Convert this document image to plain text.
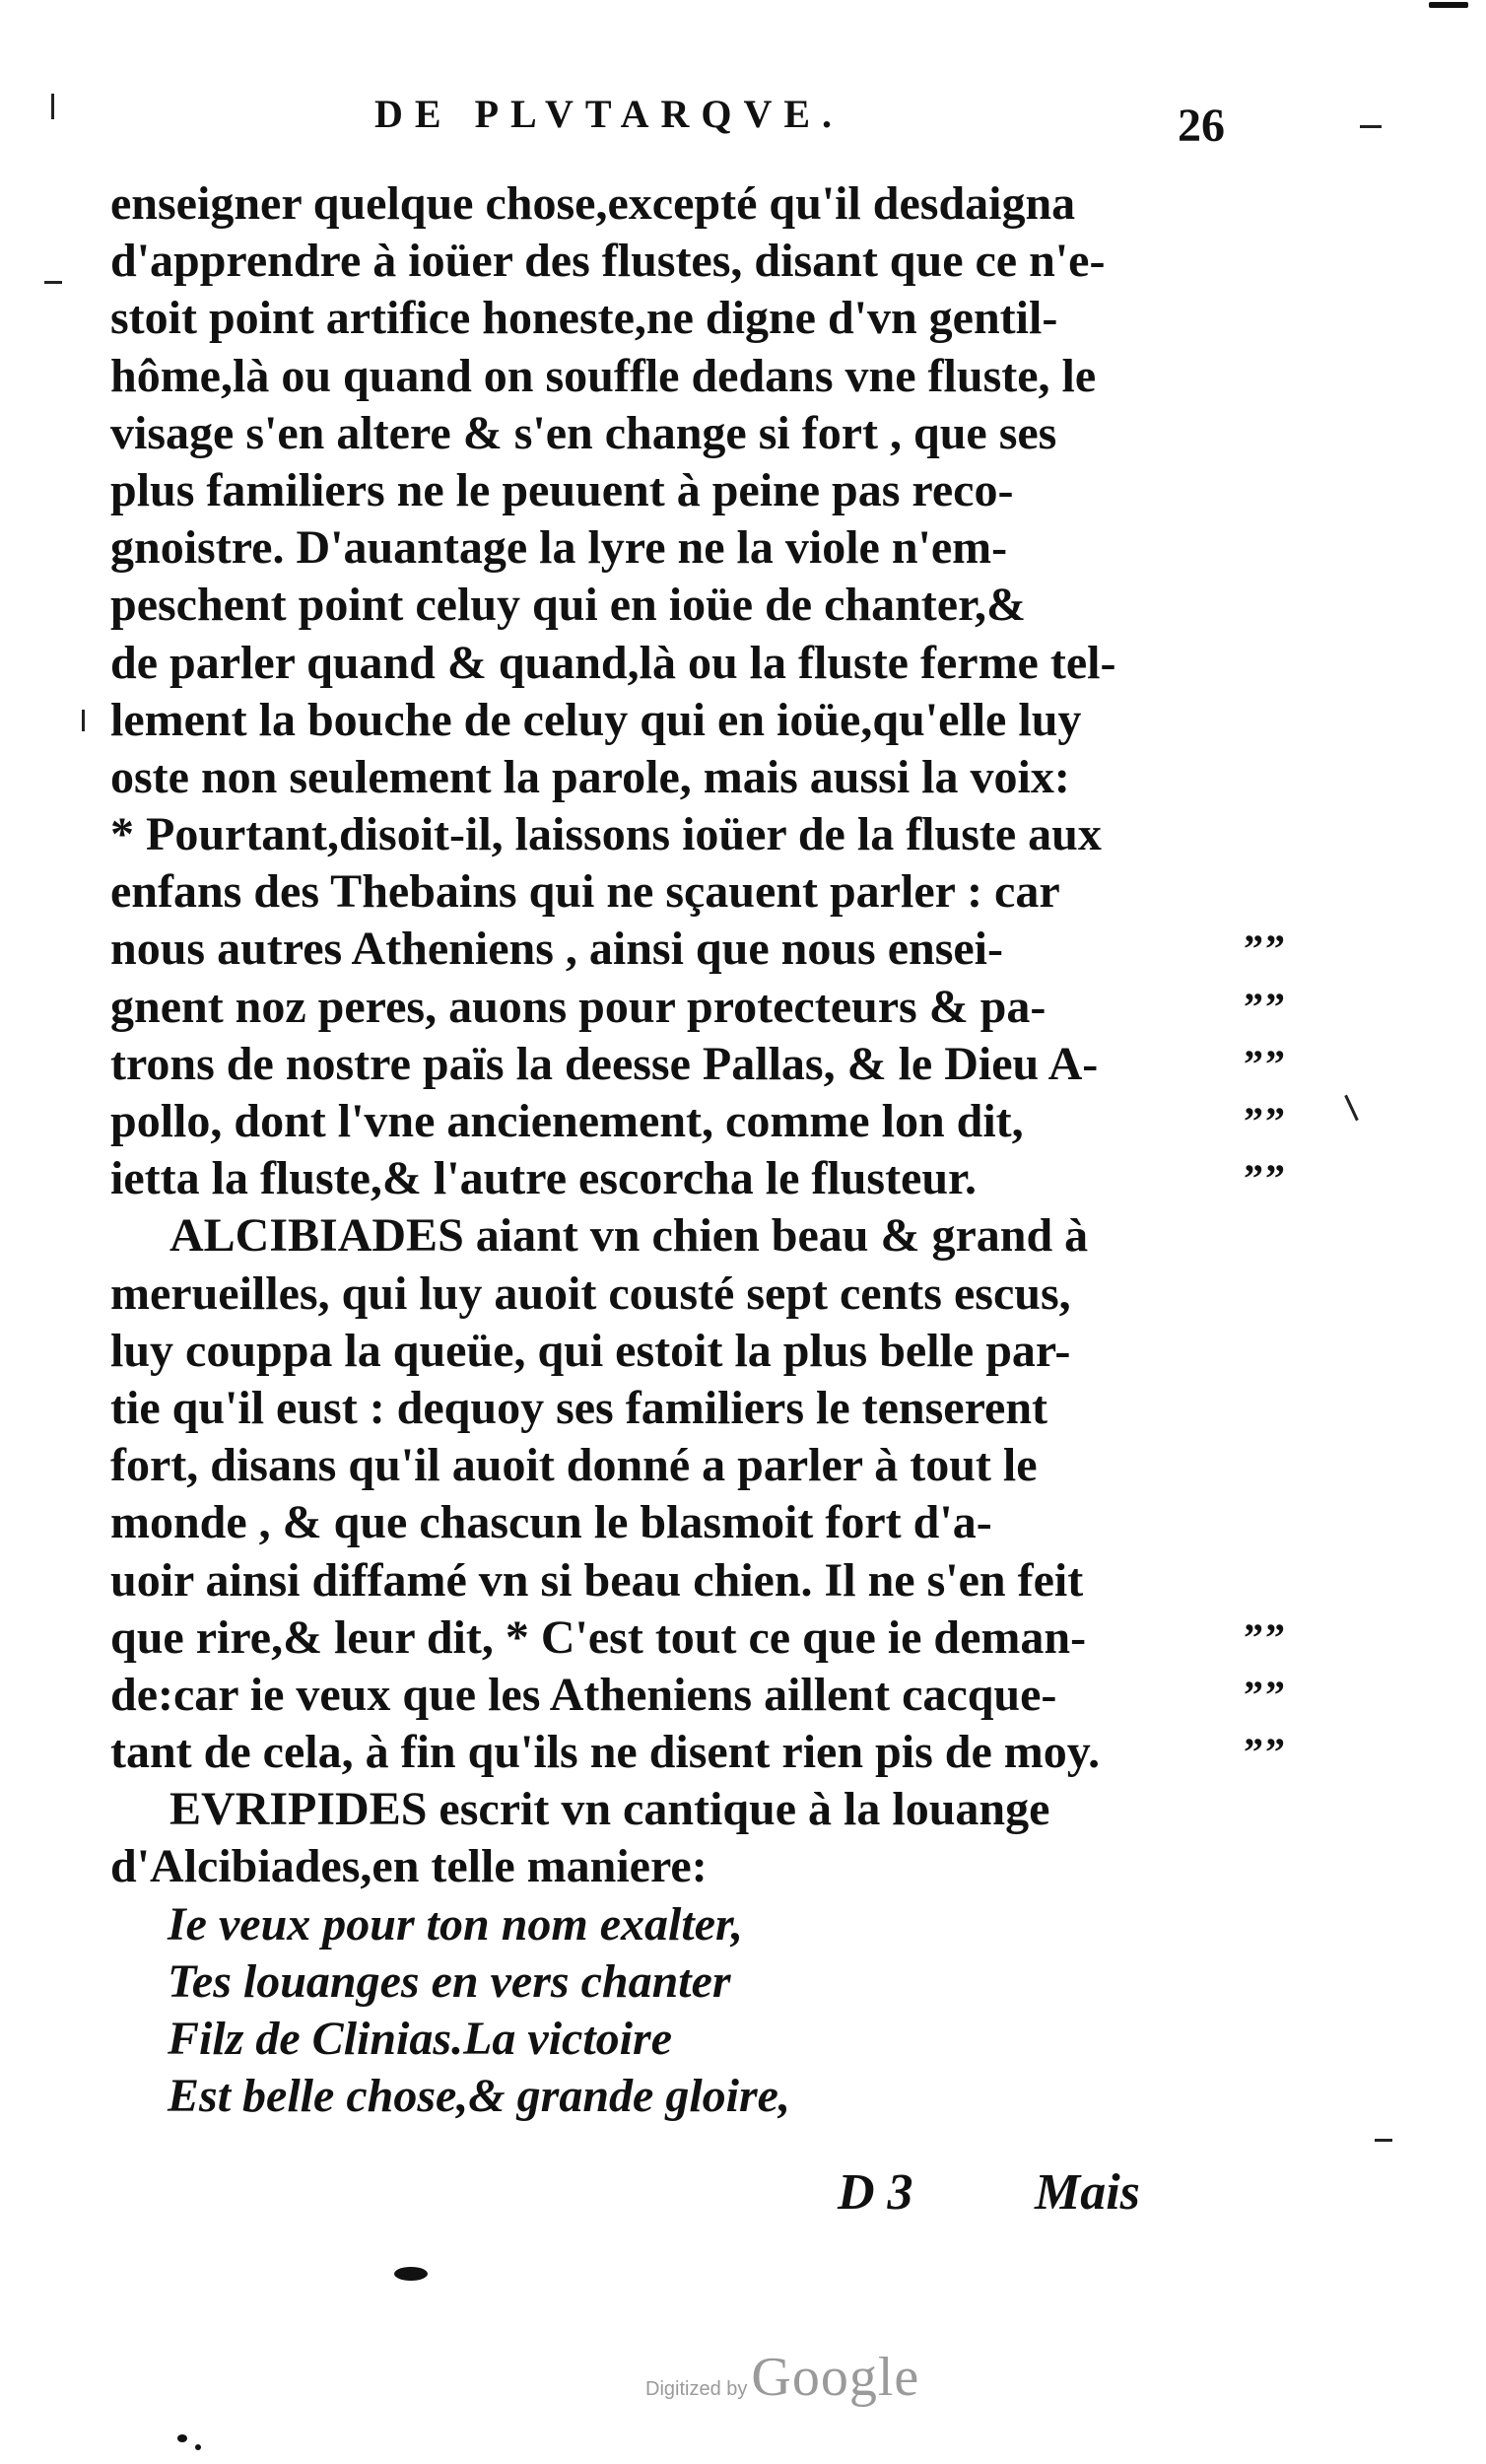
DE PLVTARQVE.	26
enseigner quelque chose,excepté qu'il desdaigna
d'apprendre à ioüer des flustes, disant que ce n'e-
stoit point artifice honeste,ne digne d'vn gentil-
hôme,là ou quand on souffle dedans vne fluste, le
visage s'en altere & s'en change si fort , que ses
plus familiers ne le peuuent à peine pas reco-
gnoistre. D'auantage la lyre ne la viole n'em-
peschent point celuy qui en ioüe de chanter,&
de parler quand & quand,là ou la fluste ferme tel-
lement la bouche de celuy qui en ioüe,qu'elle luy
oste non seulement la parole, mais aussi la voix:
* Pourtant,disoit-il, laissons ioüer de la fluste aux
enfans des Thebains qui ne sçauent parler : car
nous autres Atheniens , ainsi que nous ensei-	””
gnent noz peres, auons pour protecteurs & pa-	””
trons de nostre païs la deesse Pallas, & le Dieu A-	””
pollo, dont l'vne ancienement, comme lon dit,	””
ietta la fluste,& l'autre escorcha le flusteur.	””
ALCIBIADES aiant vn chien beau & grand à
merueilles, qui luy auoit cousté sept cents escus,
luy couppa la queüe, qui estoit la plus belle par-
tie qu'il eust : dequoy ses familiers le tenserent
fort, disans qu'il auoit donné a parler à tout le
monde , & que chascun le blasmoit fort d'a-
uoir ainsi diffamé vn si beau chien. Il ne s'en feit
que rire,& leur dit, * C'est tout ce que ie deman-	””
de:car ie veux que les Atheniens aillent cacque-	””
tant de cela, à fin qu'ils ne disent rien pis de moy.	””
EVRIPIDES escrit vn cantique à la louange
d'Alcibiades,en telle maniere:
Ie veux pour ton nom exalter,
Tes louanges en vers chanter
Filz de Clinias.La victoire
Est belle chose,& grande gloire,
D 3 Mais
Digitized by Google
